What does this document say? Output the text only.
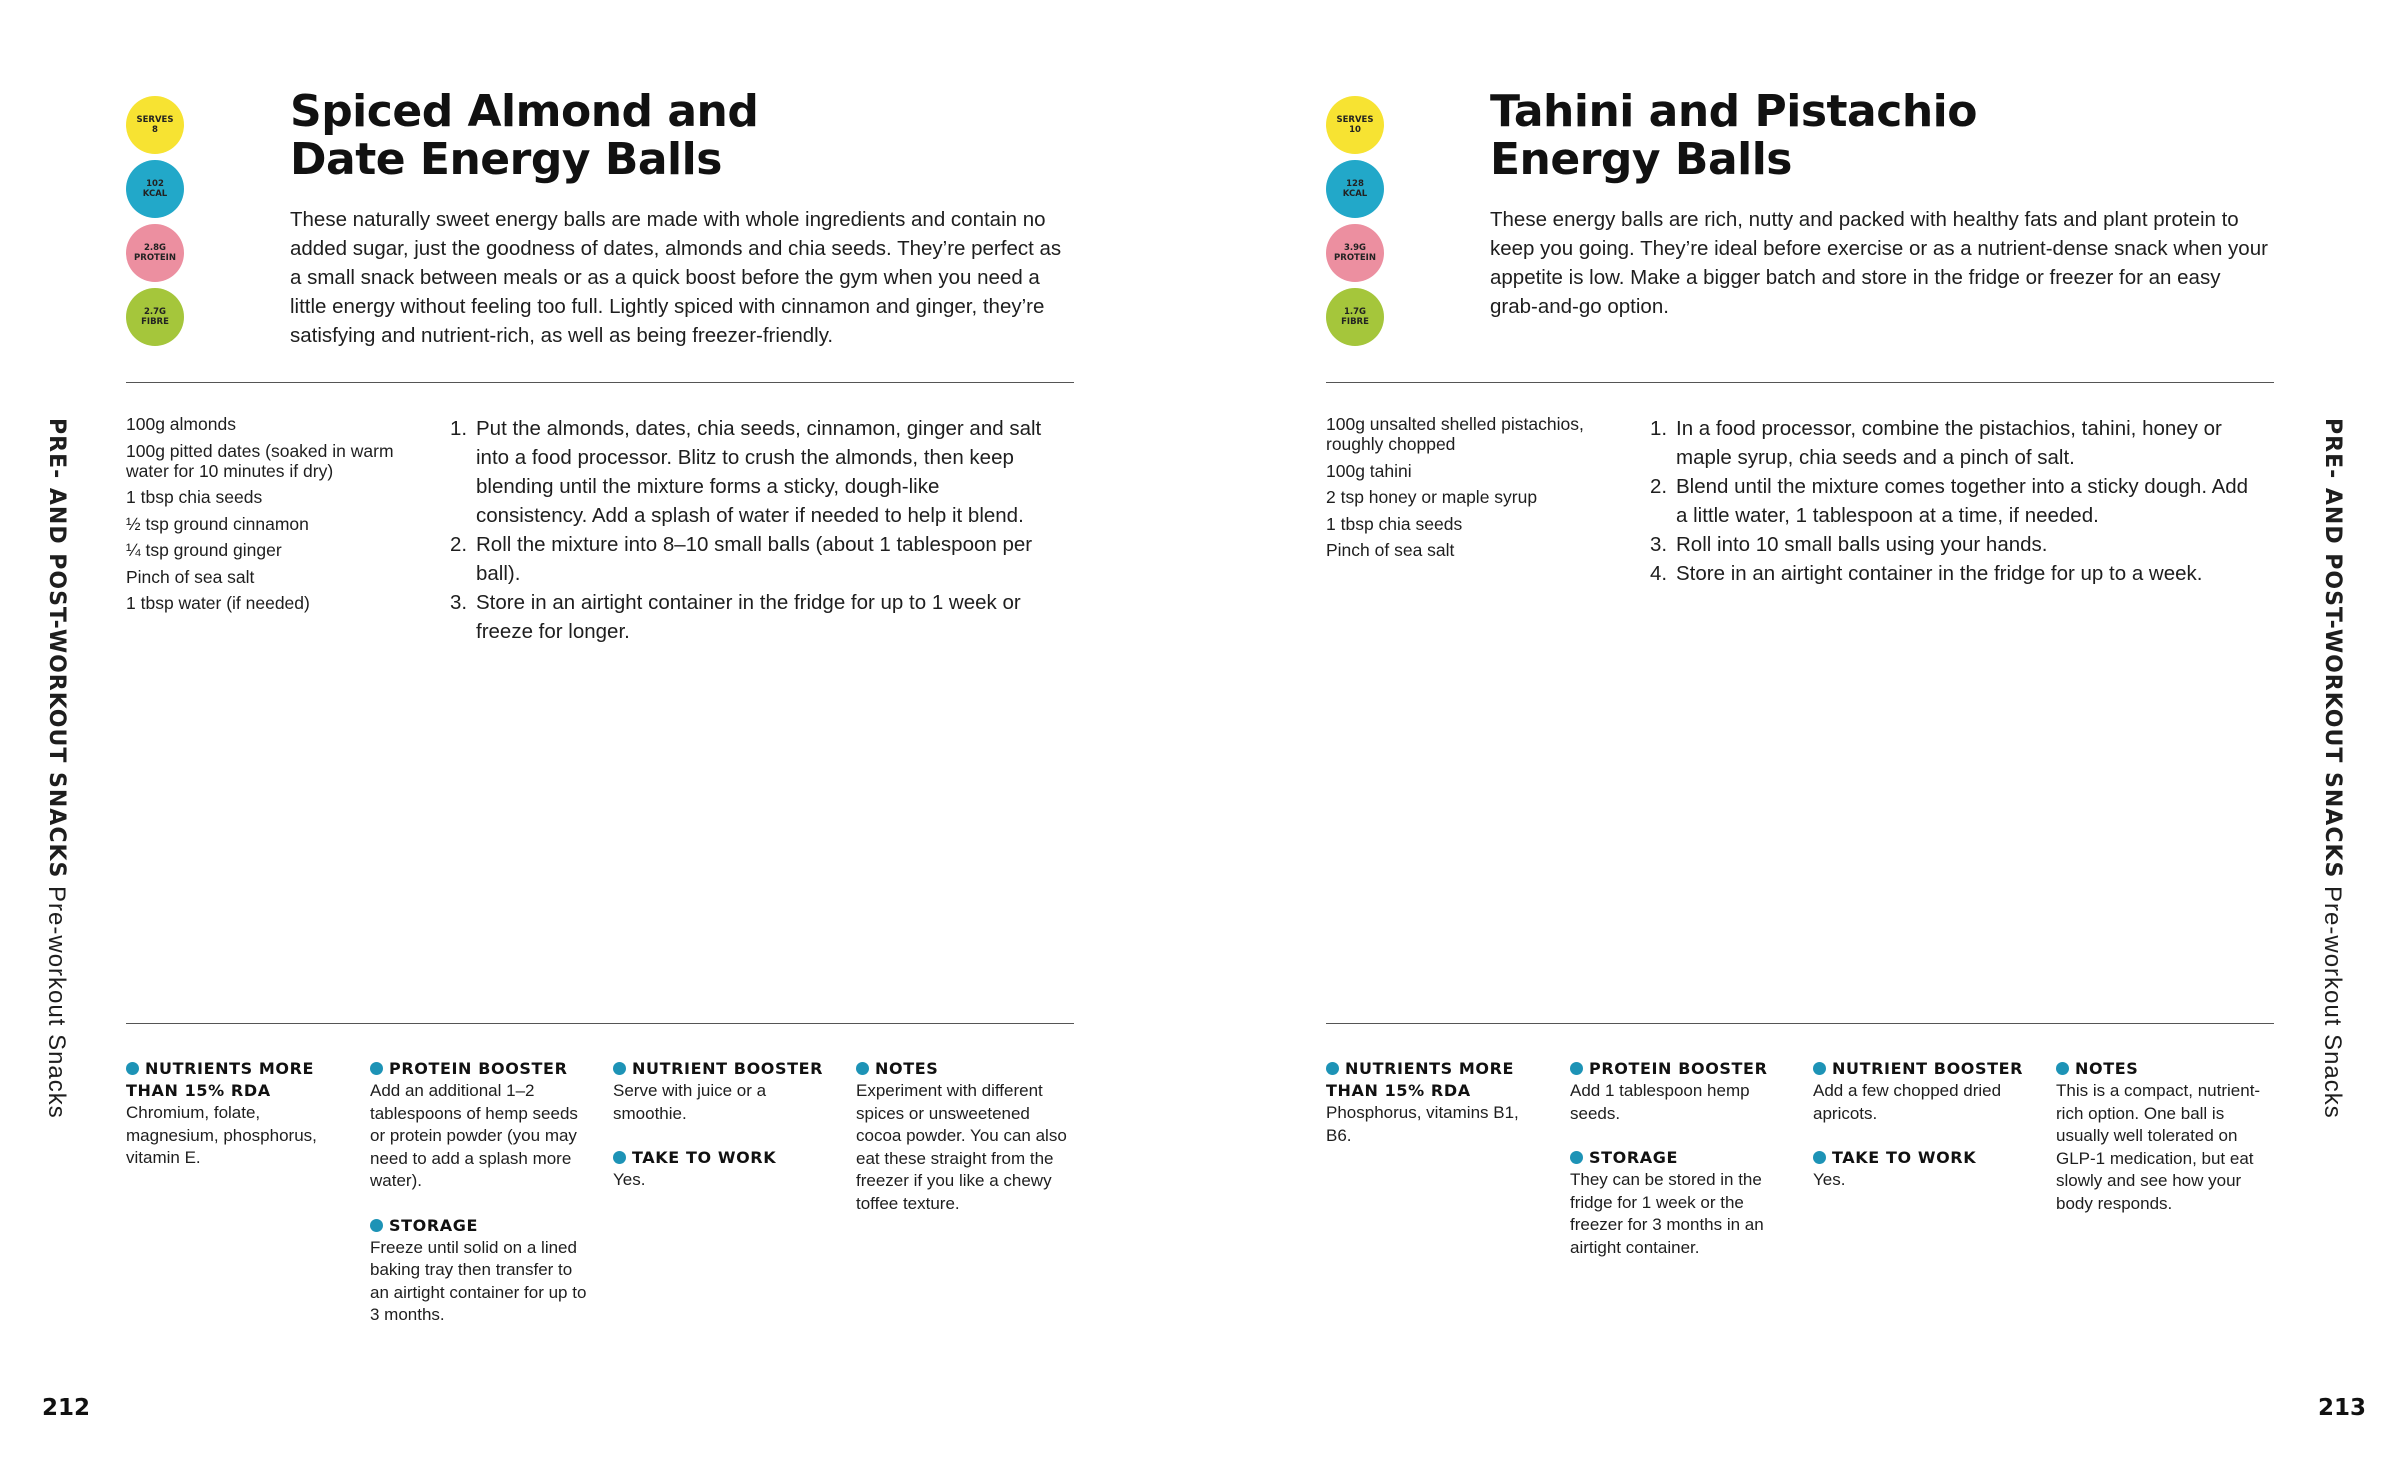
SERVES
8
102
KCAL
2.8G
PROTEIN
2.7G
FIBRE
Spiced Almond and
Date Energy Balls

These naturally sweet energy balls are made with whole ingredients and contain no added sugar, just the goodness of dates, almonds and chia seeds. They’re perfect as a small snack between meals or as a quick boost before the gym when you need a little energy without feeling too full. Lightly spiced with cinnamon and ginger, they’re satisfying and nutrient-rich, as well as being freezer-friendly.

100g almonds
100g pitted dates (soaked in warm water for 10 minutes if dry)
1 tbsp chia seeds
½ tsp ground cinnamon
¼ tsp ground ginger
Pinch of sea salt
1 tbsp water (if needed)
1. Put the almonds, dates, chia seeds, cinnamon, ginger and salt into a food processor. Blitz to crush the almonds, then keep blending until the mixture forms a sticky, dough-like consistency. Add a splash of water if needed to help it blend.
2. Roll the mixture into 8–10 small balls (about 1 tablespoon per ball).
3. Store in an airtight container in the fridge for up to 1 week or freeze for longer.

NUTRIENTS MORE THAN 15% RDA

Chromium, folate, magnesium, phosphorus, vitamin E.

PROTEIN BOOSTER

Add an additional 1–2 tablespoons of hemp seeds or protein powder (you may need to add a splash more water).

STORAGE

Freeze until solid on a lined baking tray then transfer to an airtight container for up to 3 months.

NUTRIENT BOOSTER

Serve with juice or a smoothie.

TAKE TO WORK

Yes.

NOTES

Experiment with different spices or unsweetened cocoa powder. You can also eat these straight from the freezer if you like a chewy toffee texture.

PRE- AND POST-WORKOUT SNACKS Pre-workout Snacks
212
SERVES
10
128
KCAL
3.9G
PROTEIN
1.7G
FIBRE
Tahini and Pistachio
Energy Balls

These energy balls are rich, nutty and packed with healthy fats and plant protein to keep you going. They’re ideal before exercise or as a nutrient-dense snack when your appetite is low. Make a bigger batch and store in the fridge or freezer for an easy grab-and-go option.

100g unsalted shelled pistachios, roughly chopped
100g tahini
2 tsp honey or maple syrup
1 tbsp chia seeds
Pinch of sea salt
1. In a food processor, combine the pistachios, tahini, honey or maple syrup, chia seeds and a pinch of salt.
2. Blend until the mixture comes together into a sticky dough. Add a little water, 1 tablespoon at a time, if needed.
3. Roll into 10 small balls using your hands.
4. Store in an airtight container in the fridge for up to a week.

NUTRIENTS MORE THAN 15% RDA

Phosphorus, vitamins B1, B6.

PROTEIN BOOSTER

Add 1 tablespoon hemp seeds.

STORAGE

They can be stored in the fridge for 1 week or the freezer for 3 months in an airtight container.

NUTRIENT BOOSTER

Add a few chopped dried apricots.

TAKE TO WORK

Yes.

NOTES

This is a compact, nutrient-rich option. One ball is usually well tolerated on GLP-1 medication, but eat slowly and see how your body responds.

PRE- AND POST-WORKOUT SNACKS Pre-workout Snacks
213
